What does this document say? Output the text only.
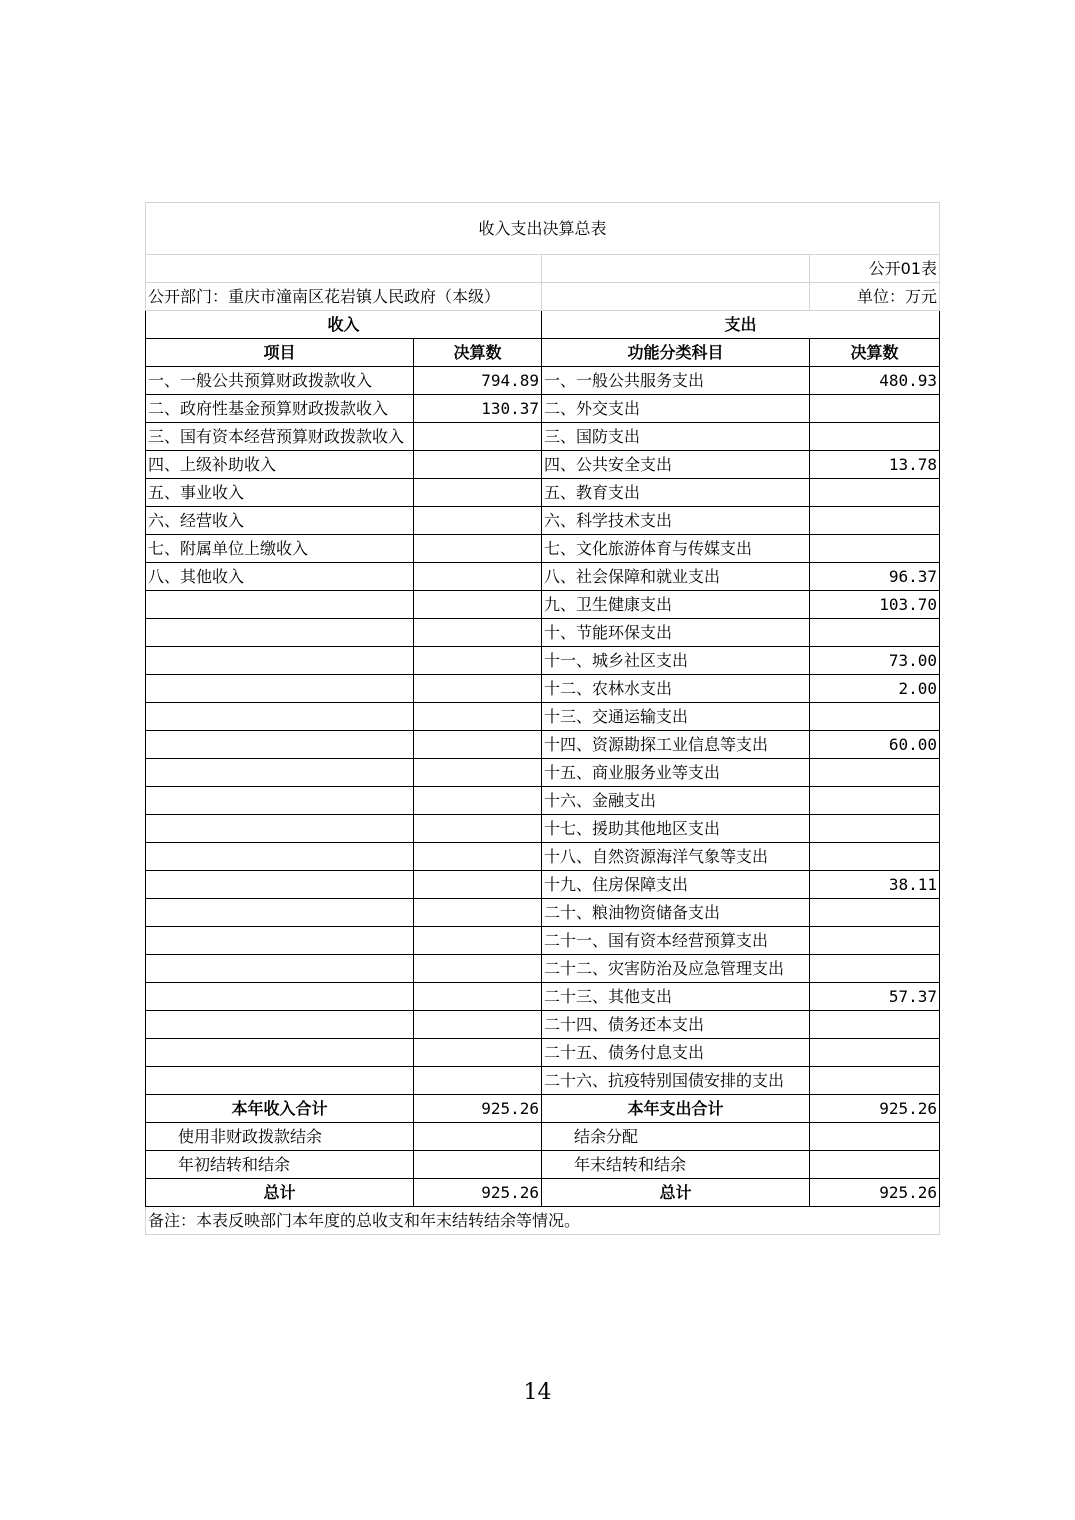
收入支出决算总表			
			公开01表
公开部门：重庆市潼南区花岩镇人民政府（本级）			单位：万元
收入		支出	
项目	决算数	功能分类科目	决算数
一、一般公共预算财政拨款收入	794.89	一、一般公共服务支出	480.93
二、政府性基金预算财政拨款收入	130.37	二、外交支出	
三、国有资本经营预算财政拨款收入		三、国防支出	
四、上级补助收入		四、公共安全支出	13.78
五、事业收入		五、教育支出	
六、经营收入		六、科学技术支出	
七、附属单位上缴收入		七、文化旅游体育与传媒支出	
八、其他收入		八、社会保障和就业支出	96.37
		九、卫生健康支出	103.70
		十、节能环保支出	
		十一、城乡社区支出	73.00
		十二、农林水支出	2.00
		十三、交通运输支出	
		十四、资源勘探工业信息等支出	60.00
		十五、商业服务业等支出	
		十六、金融支出	
		十七、援助其他地区支出	
		十八、自然资源海洋气象等支出	
		十九、住房保障支出	38.11
		二十、粮油物资储备支出	
		二十一、国有资本经营预算支出	
		二十二、灾害防治及应急管理支出	
		二十三、其他支出	57.37
		二十四、债务还本支出	
		二十五、债务付息支出	
		二十六、抗疫特别国债安排的支出	
本年收入合计	925.26	本年支出合计	925.26
使用非财政拨款结余		结余分配	
年初结转和结余		年末结转和结余	
总计	925.26	总计	925.26
备注：本表反映部门本年度的总收支和年末结转结余等情况。			
14
